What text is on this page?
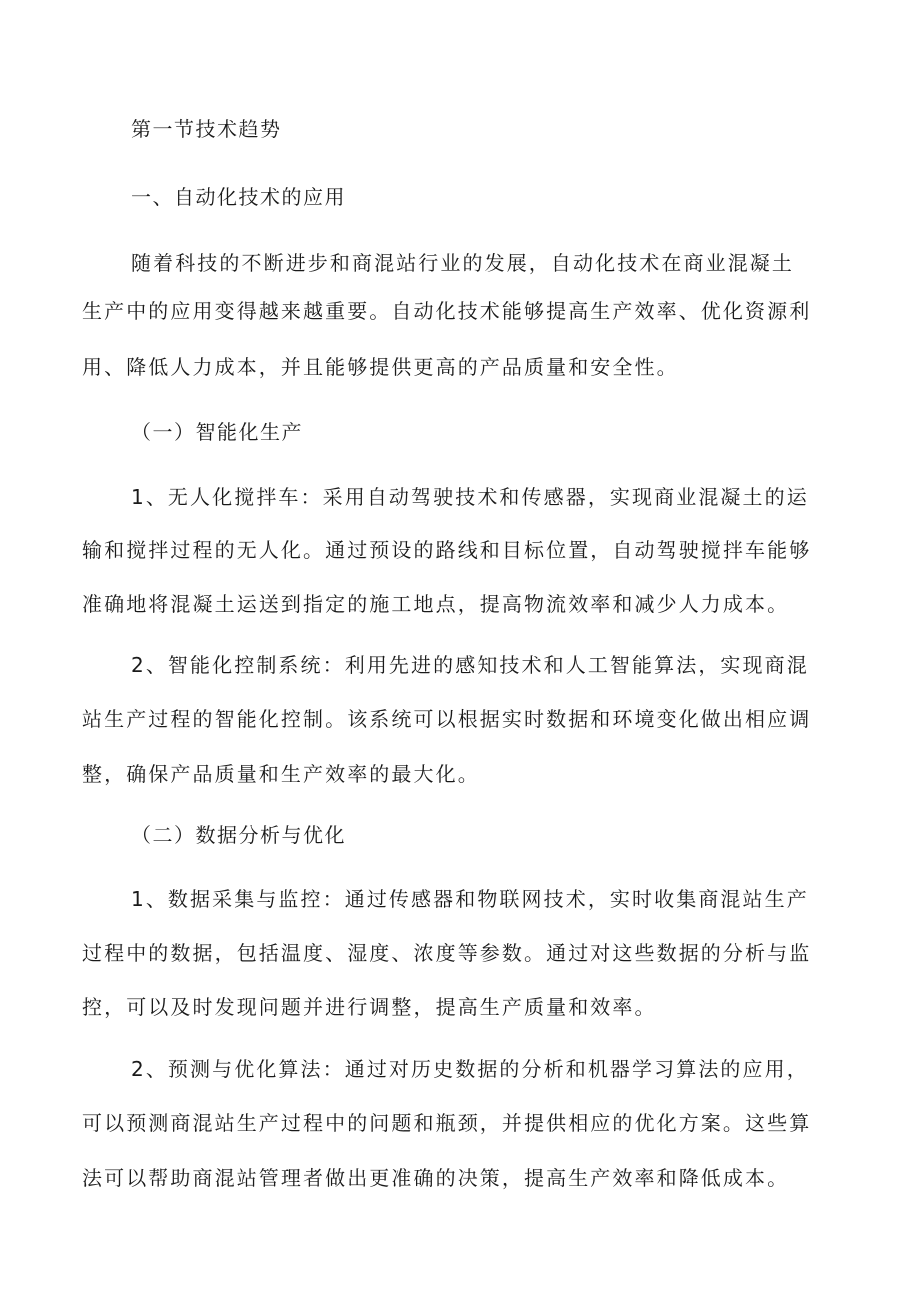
第一节技术趋势
一、自动化技术的应用
随着科技的不断进步和商混站行业的发展，自动化技术在商业混凝土
生产中的应用变得越来越重要。自动化技术能够提高生产效率、优化资源利
用、降低人力成本，并且能够提供更高的产品质量和安全性。
（一）智能化生产
1、无人化搅拌车：采用自动驾驶技术和传感器，实现商业混凝土的运
输和搅拌过程的无人化。通过预设的路线和目标位置，自动驾驶搅拌车能够
准确地将混凝土运送到指定的施工地点，提高物流效率和减少人力成本。
2、智能化控制系统：利用先进的感知技术和人工智能算法，实现商混
站生产过程的智能化控制。该系统可以根据实时数据和环境变化做出相应调
整，确保产品质量和生产效率的最大化。
（二）数据分析与优化
1、数据采集与监控：通过传感器和物联网技术，实时收集商混站生产
过程中的数据，包括温度、湿度、浓度等参数。通过对这些数据的分析与监
控，可以及时发现问题并进行调整，提高生产质量和效率。
2、预测与优化算法：通过对历史数据的分析和机器学习算法的应用，
可以预测商混站生产过程中的问题和瓶颈，并提供相应的优化方案。这些算
法可以帮助商混站管理者做出更准确的决策，提高生产效率和降低成本。
